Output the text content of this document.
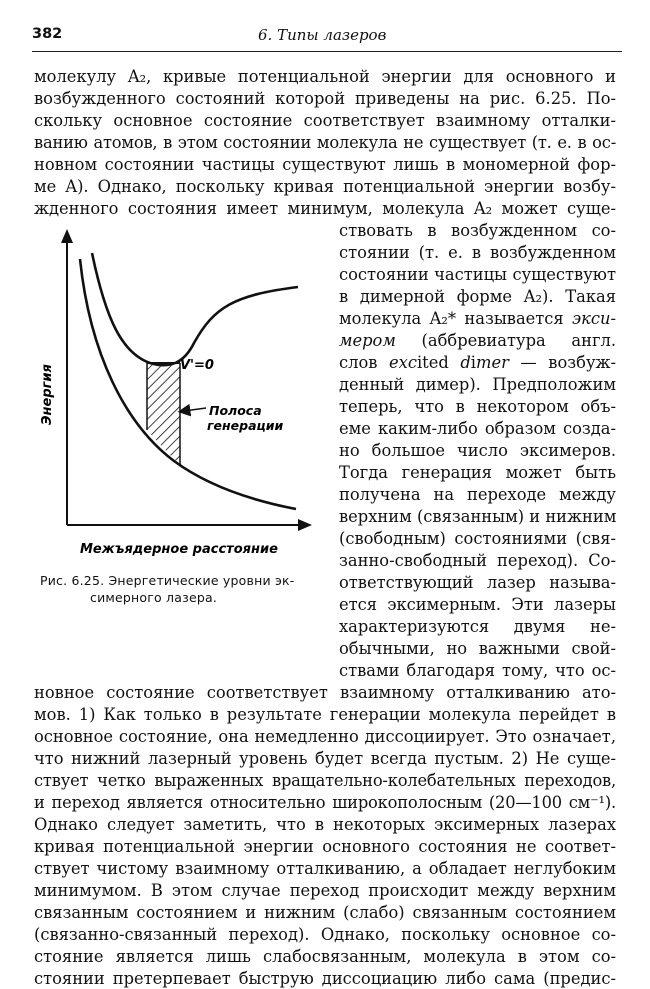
382	6. Типы лазеров
молекулу A₂, кривые потенциальной энергии для основного и
возбужденного состояний которой приведены на рис. 6.25. По-
скольку основное состояние соответствует взаимному отталки-
ванию атомов, в этом состоянии молекула не существует (т. е. в ос-
новном состоянии частицы существуют лишь в мономерной фор-
ме A). Однако, поскольку кривая потенциальной энергии возбу-
жденного состояния имеет минимум, молекула A₂ может суще-
ствовать в возбужденном со-
стоянии (т. е. в возбужденном
состоянии частицы существуют
в димерной форме A₂). Такая
молекула A₂* называется экси-
мером (аббревиатура англ.
слов excited dimer — возбуж-
денный димер). Предположим
теперь, что в некотором объ-
еме каким-либо образом созда-
но большое число эксимеров.
Тогда генерация может быть
получена на переходе между
верхним (связанным) и нижним
(свободным) состояниями (свя-
занно-свободный переход). Со-
ответствующий лазер называ-
ется эксимерным. Эти лазеры
характеризуются двумя не-
обычными, но важными свой-
ствами благодаря тому, что ос-
новное состояние соответствует взаимному отталкиванию ато-
мов. 1) Как только в результате генерации молекула перейдет в
основное состояние, она немедленно диссоциирует. Это означает,
что нижний лазерный уровень будет всегда пустым. 2) Не суще-
ствует четко выраженных вращательно-колебательных переходов,
и переход является относительно широкополосным (20—100 см⁻¹).
Однако следует заметить, что в некоторых эксимерных лазерах
кривая потенциальной энергии основного состояния не соответ-
ствует чистому взаимному отталкиванию, а обладает неглубоким
минимумом. В этом случае переход происходит между верхним
связанным состоянием и нижним (слабо) связанным состоянием
(связанно-связанный переход). Однако, поскольку основное со-
стояние является лишь слабосвязанным, молекула в этом со-
стоянии претерпевает быструю диссоциацию либо сама (предис-
V'=0
Полоса
генерации
Энергия
Межъядерное расстояние
Рис. 6.25. Энергетические уровни эк-
симерного лазера.
